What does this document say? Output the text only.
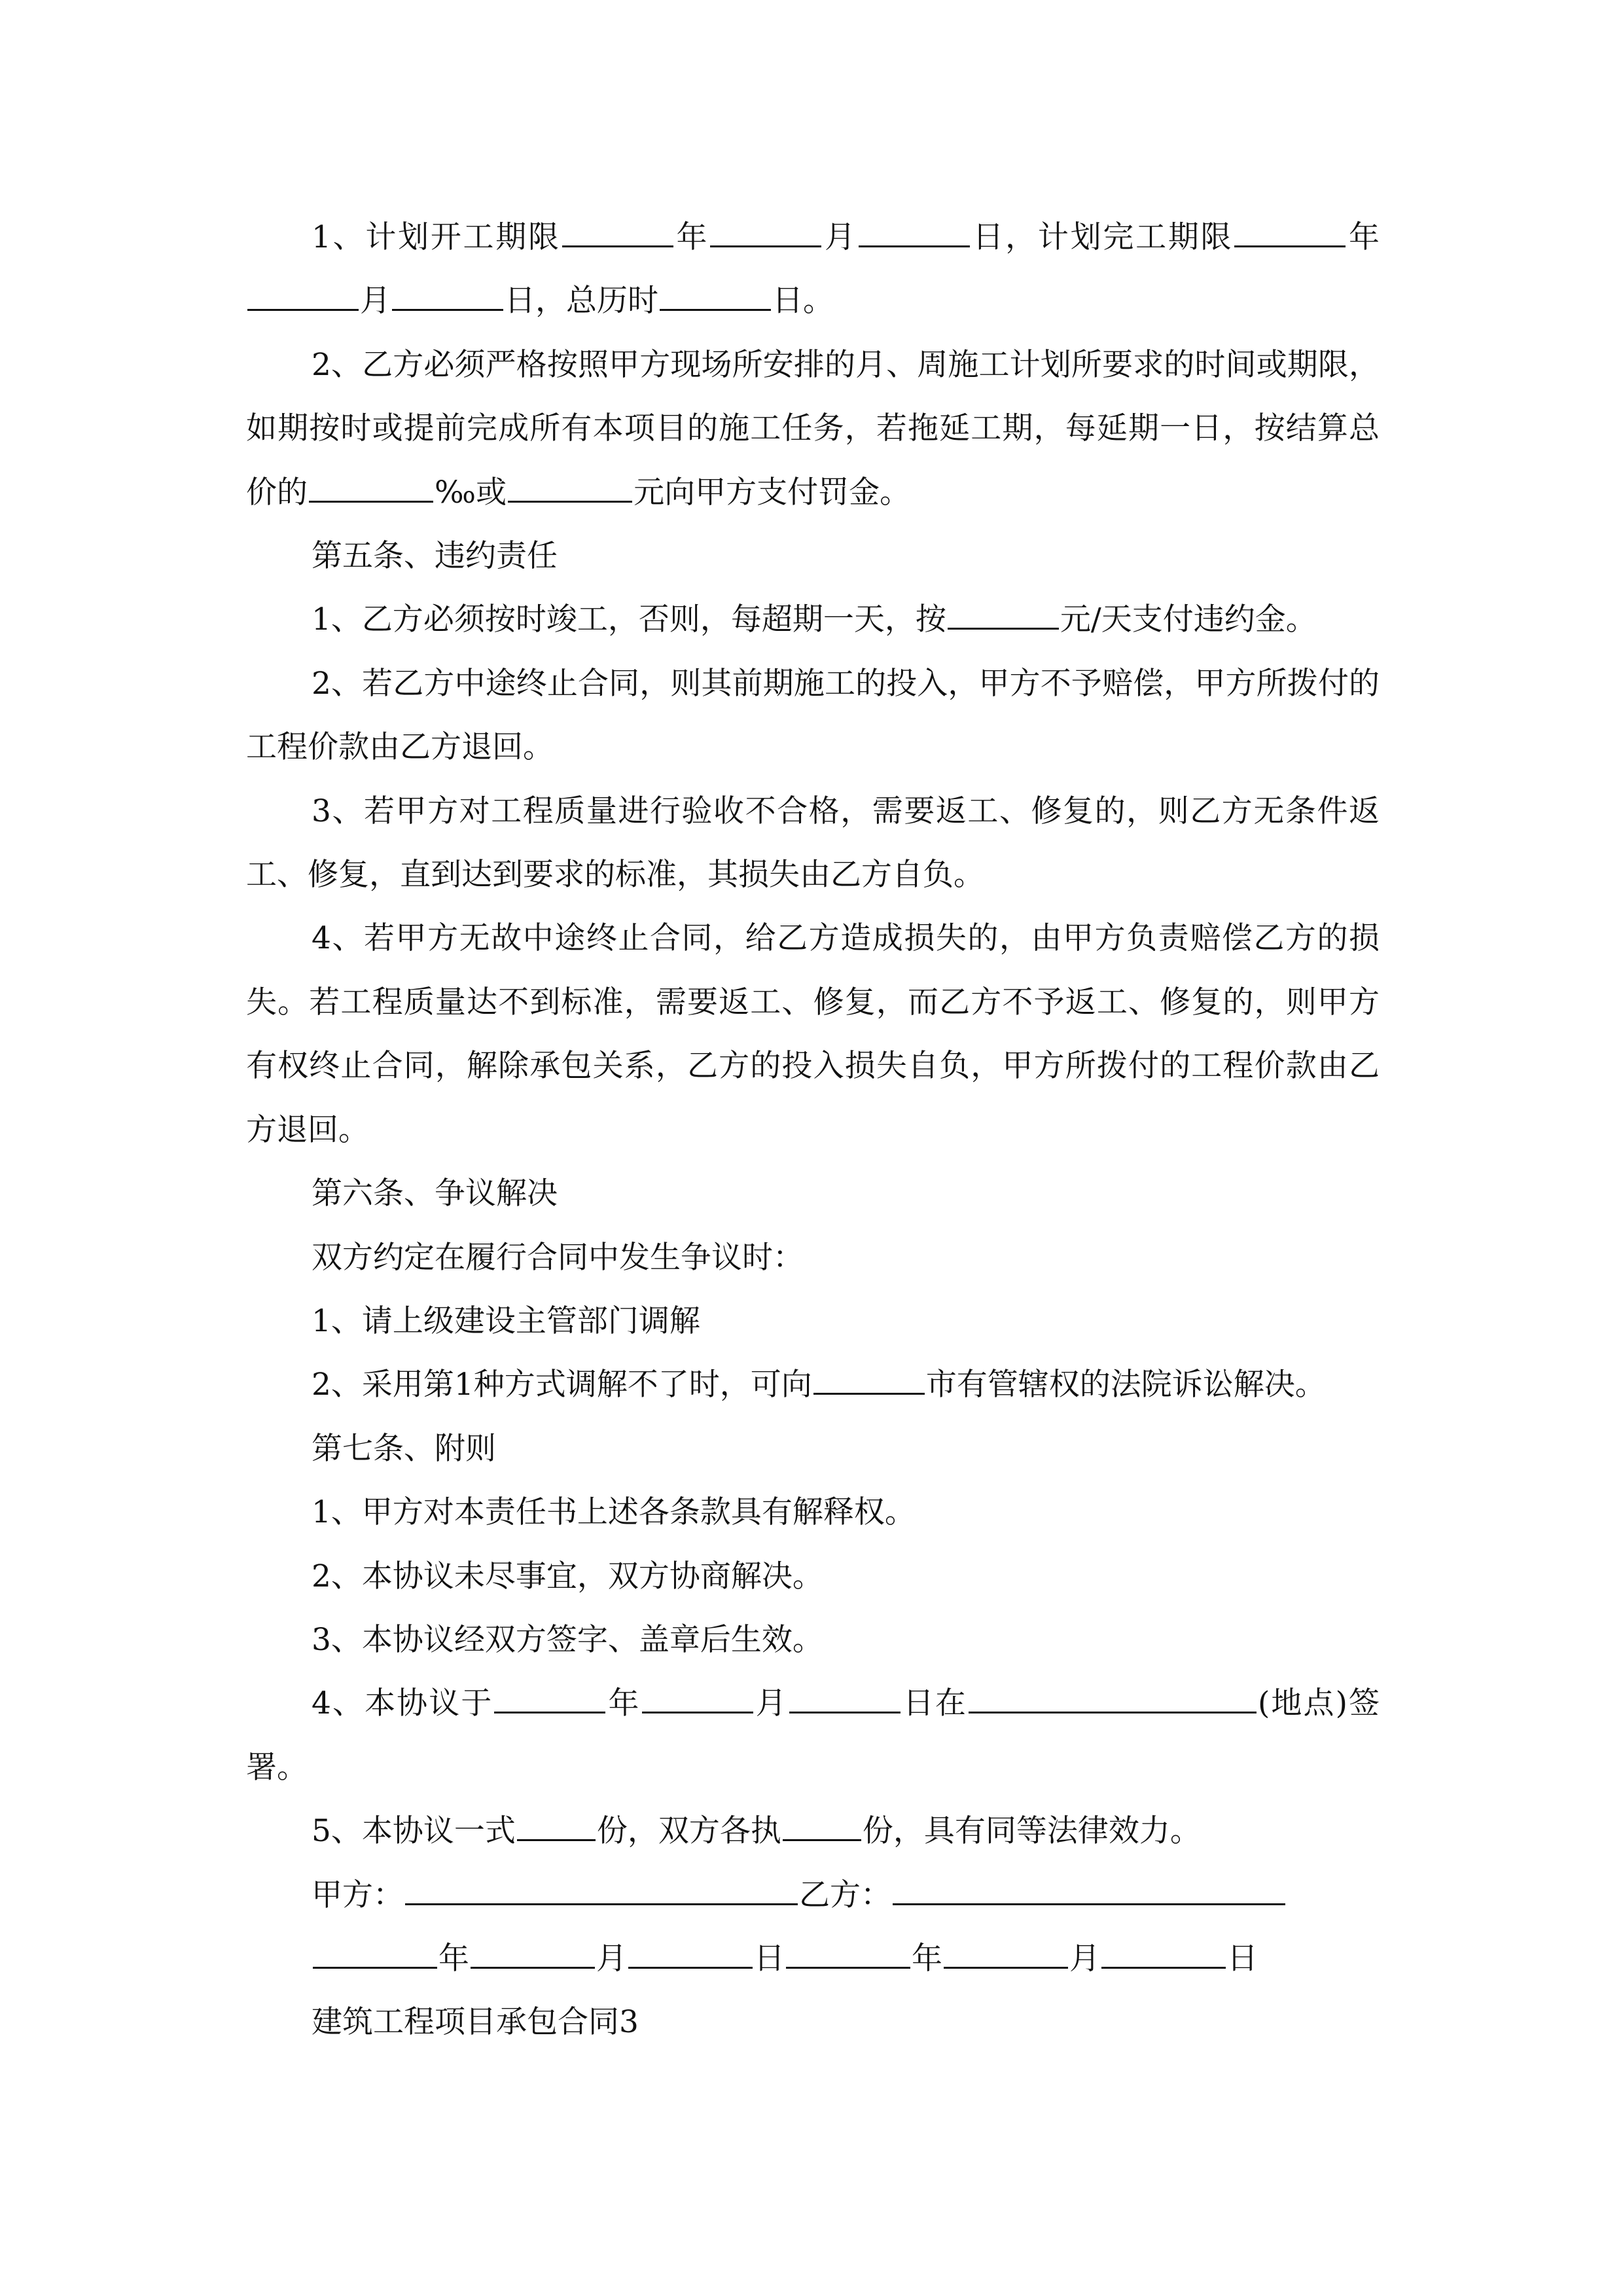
1、计划开工期限	年	月	日，计划完工期限	年月	日，总历时	日。

2、乙方必须严格按照甲方现场所安排的月、周施工计划所要求的时间或期限，如期按时或提前完成所有本项目的施工任务，若拖延工期，每延期一日，按结算总价的	‰或	元向甲方支付罚金。

第五条、违约责任

1、乙方必须按时竣工，否则，每超期一天，按	元/天支付违约金。

2、若乙方中途终止合同，则其前期施工的投入，甲方不予赔偿，甲方所拨付的工程价款由乙方退回。

3、若甲方对工程质量进行验收不合格，需要返工、修复的，则乙方无条件返工、修复，直到达到要求的标准，其损失由乙方自负。

4、若甲方无故中途终止合同，给乙方造成损失的，由甲方负责赔偿乙方的损失。若工程质量达不到标准，需要返工、修复，而乙方不予返工、修复的，则甲方有权终止合同，解除承包关系，乙方的投入损失自负，甲方所拨付的工程价款由乙方退回。

第六条、争议解决

双方约定在履行合同中发生争议时：

1、请上级建设主管部门调解

2、采用第1种方式调解不了时，可向	市有管辖权的法院诉讼解决。

第七条、附则

1、甲方对本责任书上述各条款具有解释权。

2、本协议未尽事宜，双方协商解决。

3、本协议经双方签字、盖章后生效。

4、本协议于	年	月	日在	(地点)签署。

5、本协议一式	份，双方各执	份，具有同等法律效力。

甲方：	乙方：

年	月	日	年	月	日

建筑工程项目承包合同3
